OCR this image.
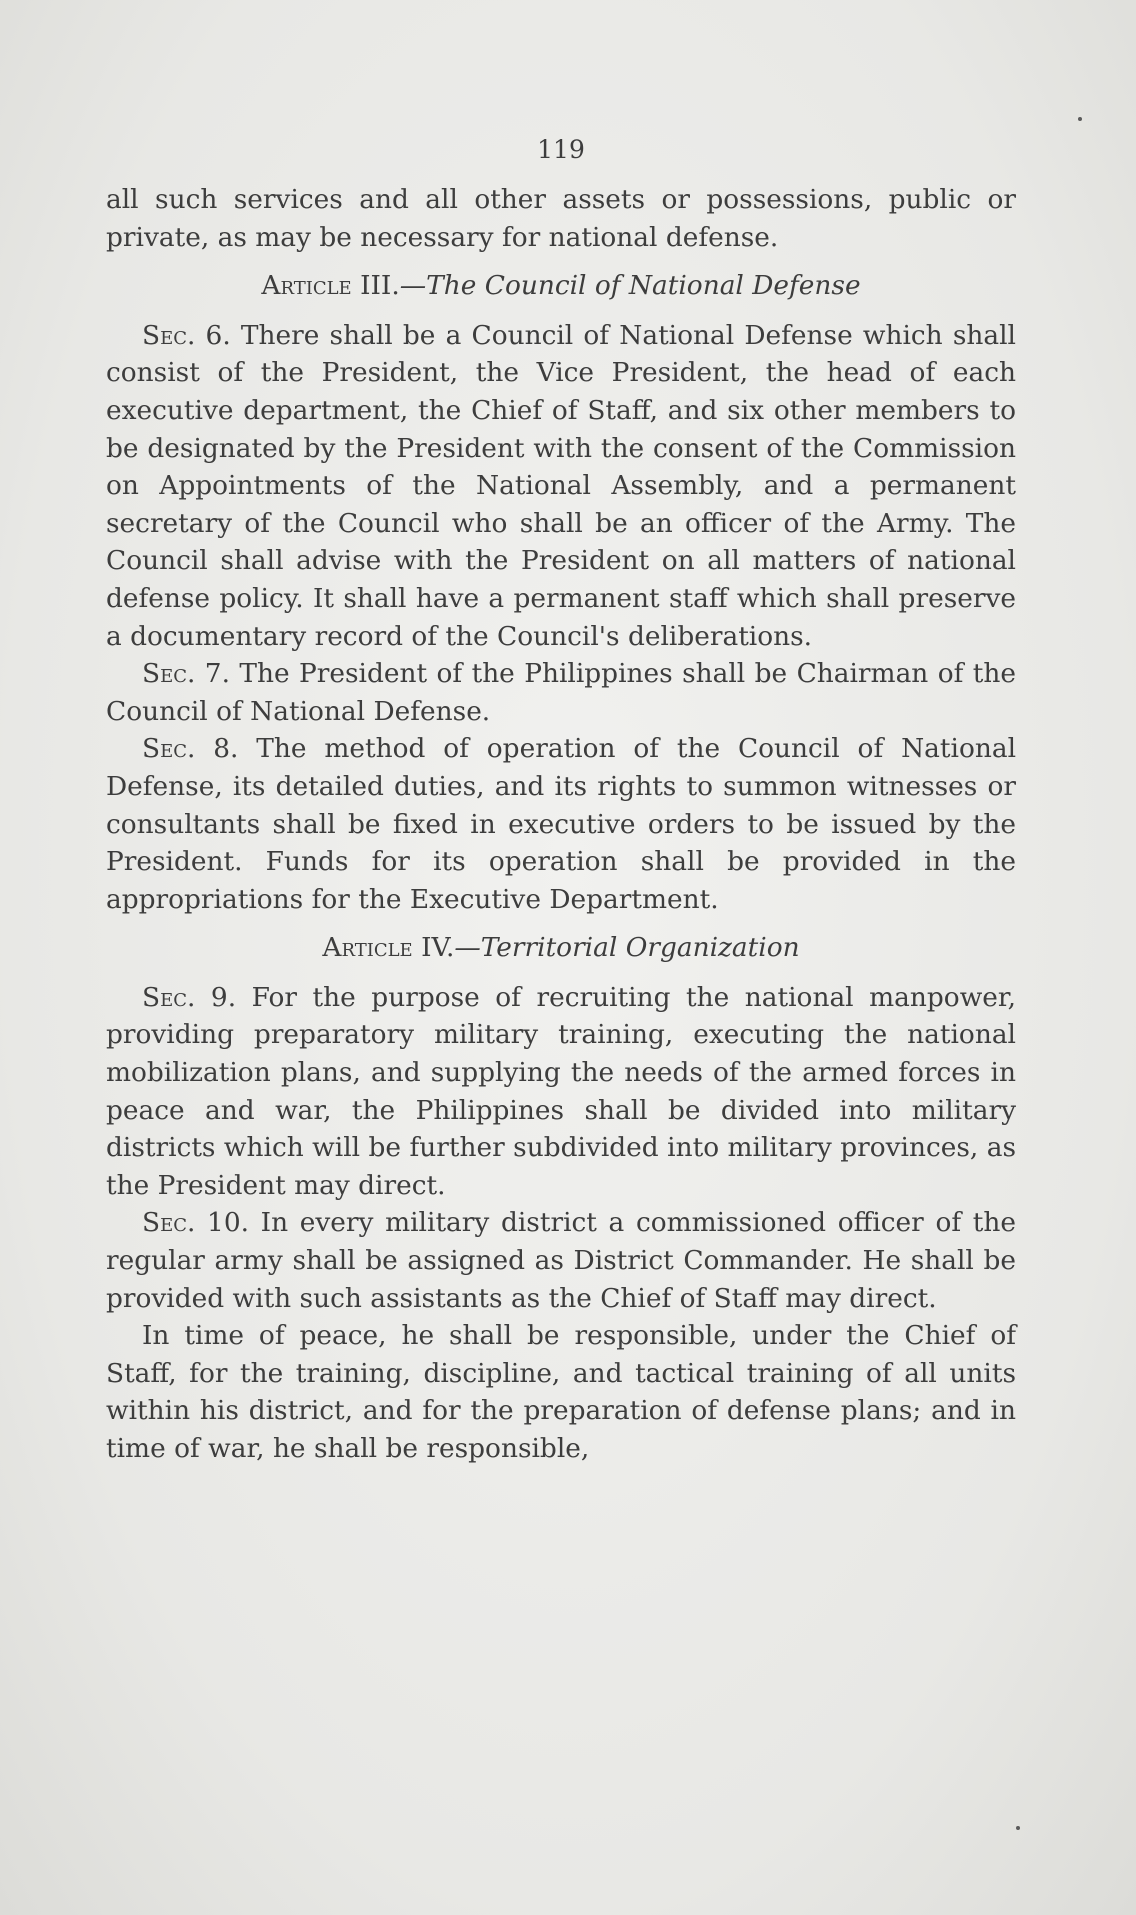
119

all such services and all other assets or possessions, public or private, as may be necessary for national defense.

Article III.—The Council of National Defense

Sec. 6. There shall be a Council of National Defense which shall consist of the President, the Vice President, the head of each executive department, the Chief of Staff, and six other members to be designated by the President with the consent of the Commission on Appointments of the National Assembly, and a permanent secretary of the Council who shall be an officer of the Army. The Council shall advise with the President on all matters of national defense policy. It shall have a permanent staff which shall preserve a documentary record of the Council's deliberations.

Sec. 7. The President of the Philippines shall be Chairman of the Council of National Defense.

Sec. 8. The method of operation of the Council of National Defense, its detailed duties, and its rights to summon witnesses or consultants shall be fixed in executive orders to be issued by the President. Funds for its operation shall be provided in the appropriations for the Executive Department.

Article IV.—Territorial Organization

Sec. 9. For the purpose of recruiting the national manpower, providing preparatory military training, executing the national mobilization plans, and supplying the needs of the armed forces in peace and war, the Philippines shall be divided into military districts which will be further subdivided into military provinces, as the President may direct.

Sec. 10. In every military district a commissioned officer of the regular army shall be assigned as District Commander. He shall be provided with such assistants as the Chief of Staff may direct.

In time of peace, he shall be responsible, under the Chief of Staff, for the training, discipline, and tactical training of all units within his district, and for the preparation of defense plans; and in time of war, he shall be responsible,
